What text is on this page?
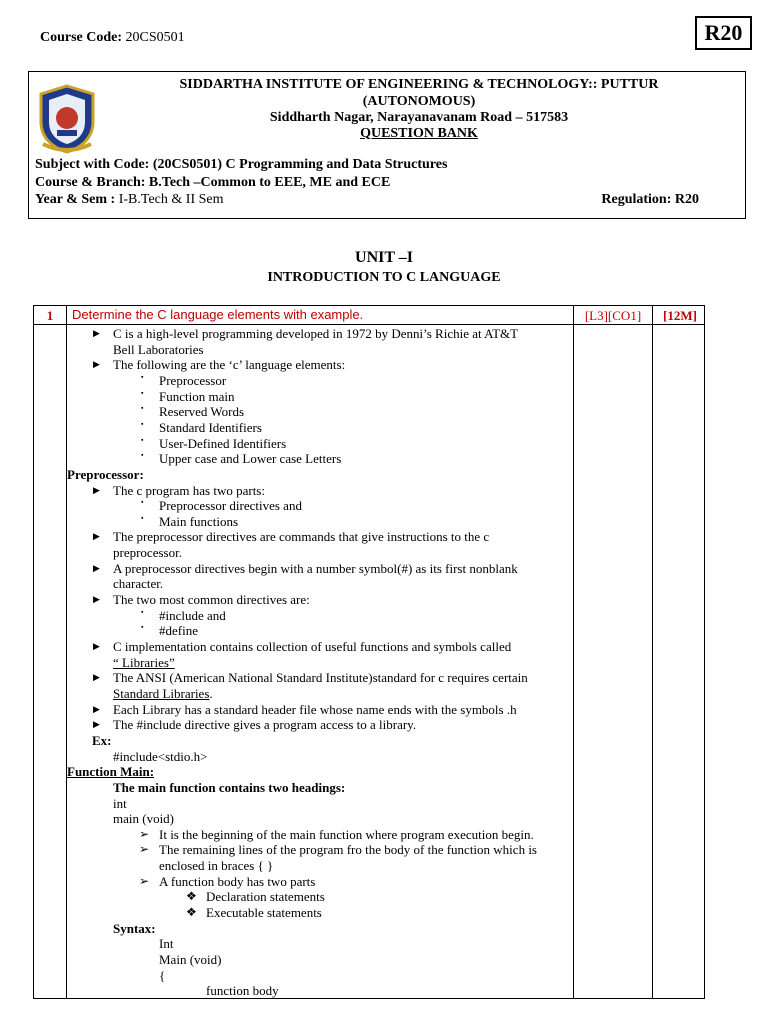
Course Code: 20CS0501	R20
SIDDARTHA INSTITUTE OF ENGINEERING & TECHNOLOGY:: PUTTUR
(AUTONOMOUS)
Siddharth Nagar, Narayanavanam Road – 517583
QUESTION BANK
Subject with Code: (20CS0501) C Programming and Data Structures
Course & Branch: B.Tech –Common to EEE, ME and ECE
Year & Sem : I-B.Tech & II Sem	Regulation: R20
UNIT –I
INTRODUCTION TO C LANGUAGE
1	Determine the C language elements with example.	[L3][CO1]	[12M]
▶ C is a high-level programming developed in 1972 by Denni’s Richie at AT&T
Bell Laboratories
▶ The following are the ‘c’ language elements:
▪ Preprocessor
▪ Function main
▪ Reserved Words
▪ Standard Identifiers
▪ User-Defined Identifiers
▪ Upper case and Lower case Letters
Preprocessor:
▶ The c program has two parts:
▪ Preprocessor directives and
▪ Main functions
▶ The preprocessor directives are commands that give instructions to the c
preprocessor.
▶ A preprocessor directives begin with a number symbol(#) as its first nonblank
character.
▶ The two most common directives are:
▪ #include and
▪ #define
▶ C implementation contains collection of useful functions and symbols called
“ Libraries”
▶ The ANSI (American National Standard Institute)standard for c requires certain
Standard Libraries.
▶ Each Library has a standard header file whose name ends with the symbols .h
▶ The #include directive gives a program access to a library.
Ex:
#include<stdio.h>
Function Main:
The main function contains two headings:
int
main (void)
➢ It is the beginning of the main function where program execution begin.
➢ The remaining lines of the program fro the body of the function which is
enclosed in braces { }
➢ A function body has two parts
❖ Declaration statements
❖ Executable statements
Syntax:
Int
Main (void)
{
function body
